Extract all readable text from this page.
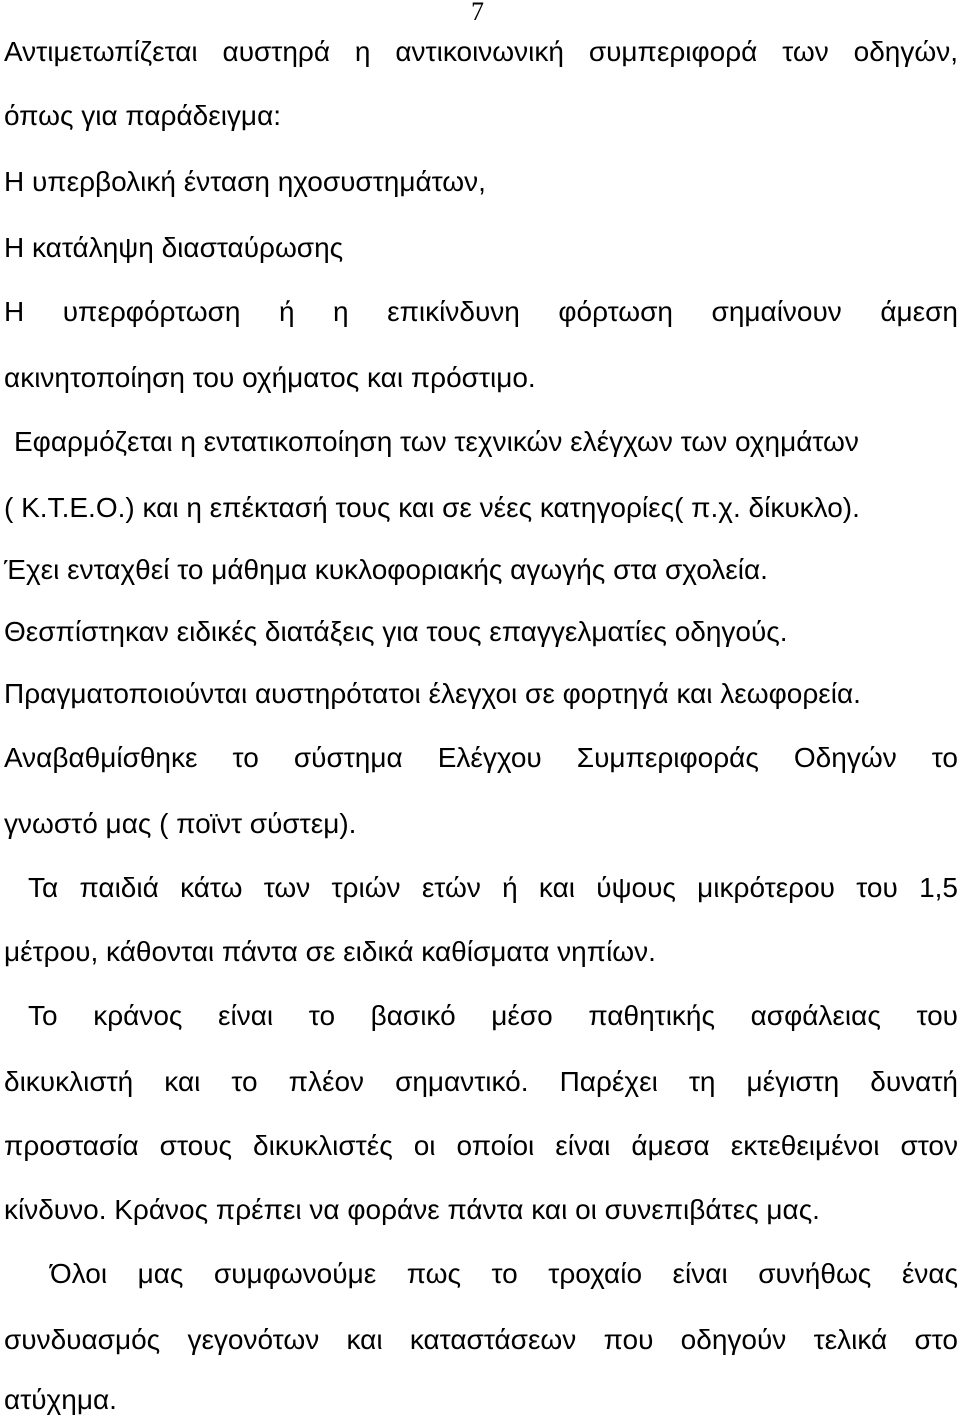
7
Αντιμετωπίζεται αυστηρά η αντικοινωνική συμπεριφορά των οδηγών,
όπως για παράδειγμα:
Η υπερβολική ένταση ηχοσυστημάτων,
Η κατάληψη διασταύρωσης
Η υπερφόρτωση ή η επικίνδυνη φόρτωση σημαίνουν άμεση
ακινητοποίηση του οχήματος και πρόστιμο.
Εφαρμόζεται η εντατικοποίηση των τεχνικών ελέγχων των οχημάτων
( Κ.Τ.Ε.Ο.) και η επέκτασή τους και σε νέες κατηγορίες( π.χ. δίκυκλο).
Έχει ενταχθεί το μάθημα κυκλοφοριακής αγωγής στα σχολεία.
Θεσπίστηκαν ειδικές διατάξεις για τους επαγγελματίες οδηγούς.
Πραγματοποιούνται αυστηρότατοι έλεγχοι σε φορτηγά και λεωφορεία.
Αναβαθμίσθηκε το σύστημα Ελέγχου Συμπεριφοράς Οδηγών το
γνωστό μας ( ποϊντ σύστεμ).
Τα παιδιά κάτω των τριών ετών ή και ύψους μικρότερου του 1,5
μέτρου, κάθονται πάντα σε ειδικά καθίσματα νηπίων.
Το κράνος είναι το βασικό μέσο παθητικής ασφάλειας του
δικυκλιστή και το πλέον σημαντικό. Παρέχει τη μέγιστη δυνατή
προστασία στους δικυκλιστές οι οποίοι είναι άμεσα εκτεθειμένοι στον
κίνδυνο. Κράνος πρέπει να φοράνε πάντα και οι συνεπιβάτες μας.
Όλοι μας συμφωνούμε πως το τροχαίο είναι συνήθως ένας
συνδυασμός γεγονότων και καταστάσεων που οδηγούν τελικά στο
ατύχημα.
